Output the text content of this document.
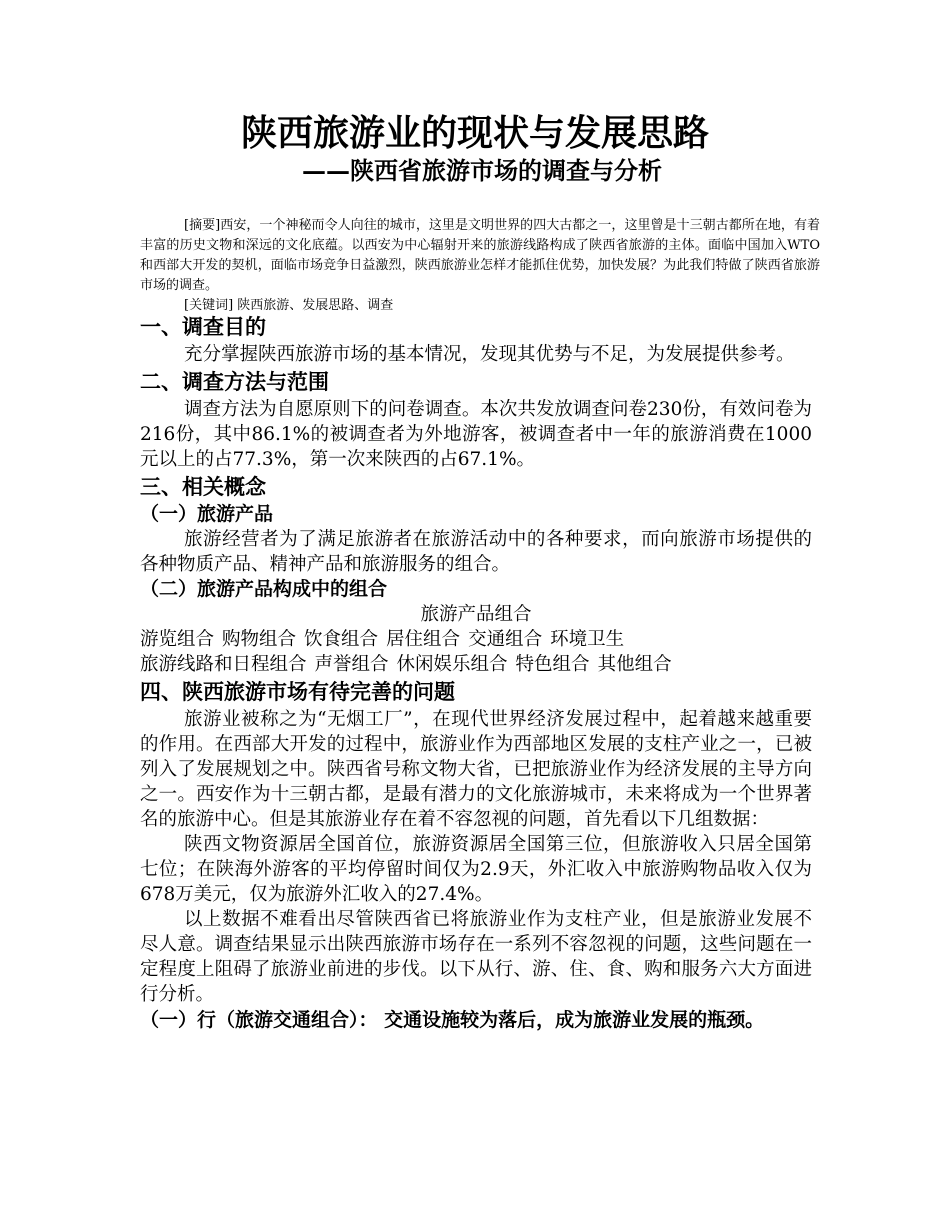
陕西旅游业的现状与发展思路
——陕西省旅游市场的调查与分析

[摘要]西安，一个神秘而令人向往的城市，这里是文明世界的四大古都之一，这里曾是十三朝古都所在地，有着丰富的历史文物和深远的文化底蕴。以西安为中心辐射开来的旅游线路构成了陕西省旅游的主体。面临中国加入WTO和西部大开发的契机，面临市场竞争日益激烈，陕西旅游业怎样才能抓住优势，加快发展？为此我们特做了陕西省旅游市场的调查。

[关键词] 陕西旅游、发展思路、调查

一、调查目的

充分掌握陕西旅游市场的基本情况，发现其优势与不足，为发展提供参考。

二、调查方法与范围

调查方法为自愿原则下的问卷调查。本次共发放调查问卷230份，有效问卷为216份，其中86.1%的被调查者为外地游客，被调查者中一年的旅游消费在1000元以上的占77.3%，第一次来陕西的占67.1%。

三、相关概念
（一）旅游产品

旅游经营者为了满足旅游者在旅游活动中的各种要求，而向旅游市场提供的各种物质产品、精神产品和旅游服务的组合。

（二）旅游产品构成中的组合

旅游产品组合

游览组合 购物组合 饮食组合 居住组合 交通组合 环境卫生

旅游线路和日程组合 声誉组合 休闲娱乐组合 特色组合 其他组合

四、陕西旅游市场有待完善的问题

旅游业被称之为“无烟工厂”，在现代世界经济发展过程中，起着越来越重要的作用。在西部大开发的过程中，旅游业作为西部地区发展的支柱产业之一，已被列入了发展规划之中。陕西省号称文物大省，已把旅游业作为经济发展的主导方向之一。西安作为十三朝古都，是最有潜力的文化旅游城市，未来将成为一个世界著名的旅游中心。但是其旅游业存在着不容忽视的问题，首先看以下几组数据：

陕西文物资源居全国首位，旅游资源居全国第三位，但旅游收入只居全国第七位；在陕海外游客的平均停留时间仅为2.9天，外汇收入中旅游购物品收入仅为678万美元，仅为旅游外汇收入的27.4%。

以上数据不难看出尽管陕西省已将旅游业作为支柱产业，但是旅游业发展不尽人意。调查结果显示出陕西旅游市场存在一系列不容忽视的问题，这些问题在一定程度上阻碍了旅游业前进的步伐。以下从行、游、住、食、购和服务六大方面进行分析。

（一）行（旅游交通组合）： 交通设施较为落后，成为旅游业发展的瓶颈。
